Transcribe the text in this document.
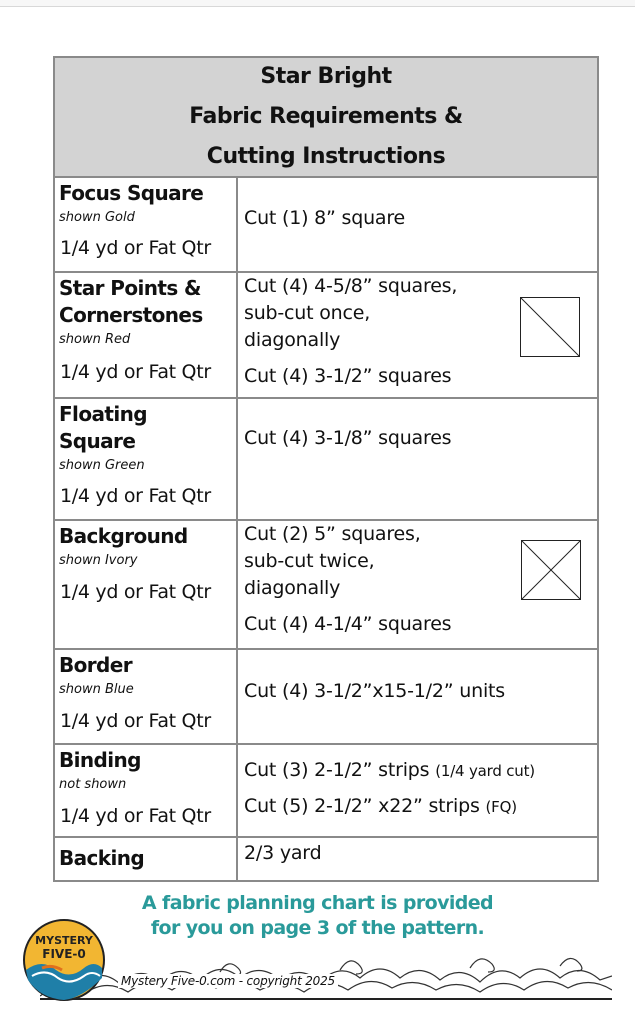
Star Bright
Fabric Requirements &
Cutting Instructions
Focus Square
shown Gold
1/4 yd or Fat Qtr
Cut (1) 8” square
Star Points &
Cornerstones
shown Red
1/4 yd or Fat Qtr
Cut (4) 4-5/8” squares,
sub-cut once,
diagonally
Cut (4) 3-1/2” squares
Floating
Square
shown Green
1/4 yd or Fat Qtr
Cut (4) 3-1/8” squares
Background
shown Ivory
1/4 yd or Fat Qtr
Cut (2) 5” squares,
sub-cut twice,
diagonally
Cut (4) 4-1/4” squares
Border
shown Blue
1/4 yd or Fat Qtr
Cut (4) 3-1/2”x15-1/2” units
Binding
not shown
1/4 yd or Fat Qtr
Cut (3) 2-1/2” strips (1/4 yard cut)
Cut (5) 2-1/2” x22” strips (FQ)
Backing	2/3 yard
A fabric planning chart is provided
for you on page 3 of the pattern.
MYSTERY
FIVE-0
Mystery Five-0.com - copyright 2025
